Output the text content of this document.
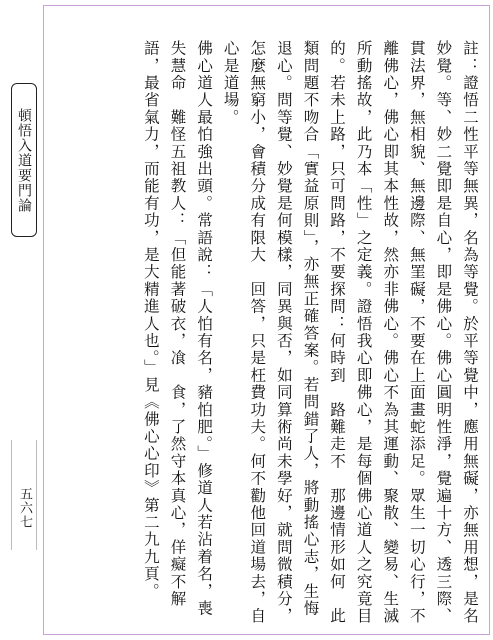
頓悟入道要門論
五六七	註：證悟二性平等無異，名為等覺。於平等覺中，應用無礙，亦無用想，是名妙覺。等、妙二覺即是自心，即是佛心。佛心圓明性淨，覺遍十方、透三際、貫法界，無相貌、無邊際、無罣礙，不要在上面畫蛇添足。眾生一切心行，不離佛心，佛心即其本性故，然亦非佛心。佛心不為其運動、聚散、變易、生滅所動搖故，此乃本「性」之定義。證悟我心即佛心，是每個佛心道人之究竟目的。若未上路，只可問路，不要探問：何時到　路難走不　那邊情形如何　此類問題不吻合「實益原則」，亦無正確答案。若問錯了人，將動搖心志，生悔退心。問等覺、妙覺是何模樣，同異與否，如同算術尚未學好，就問微積分，怎麼無窮小，會積分成有限大　回答，只是枉費功夫。何不勸他回道場去，自心是道場。

佛心道人最怕強出頭。常語說：「人怕有名，豬怕肥。」修道人若沾着名，喪失慧命　難怪五祖教人：「但能著破衣，飡　食，了然守本真心，佯癡不解語，最省氣力，而能有功，是大精進人也。」見《佛心心印》第二九九頁。
